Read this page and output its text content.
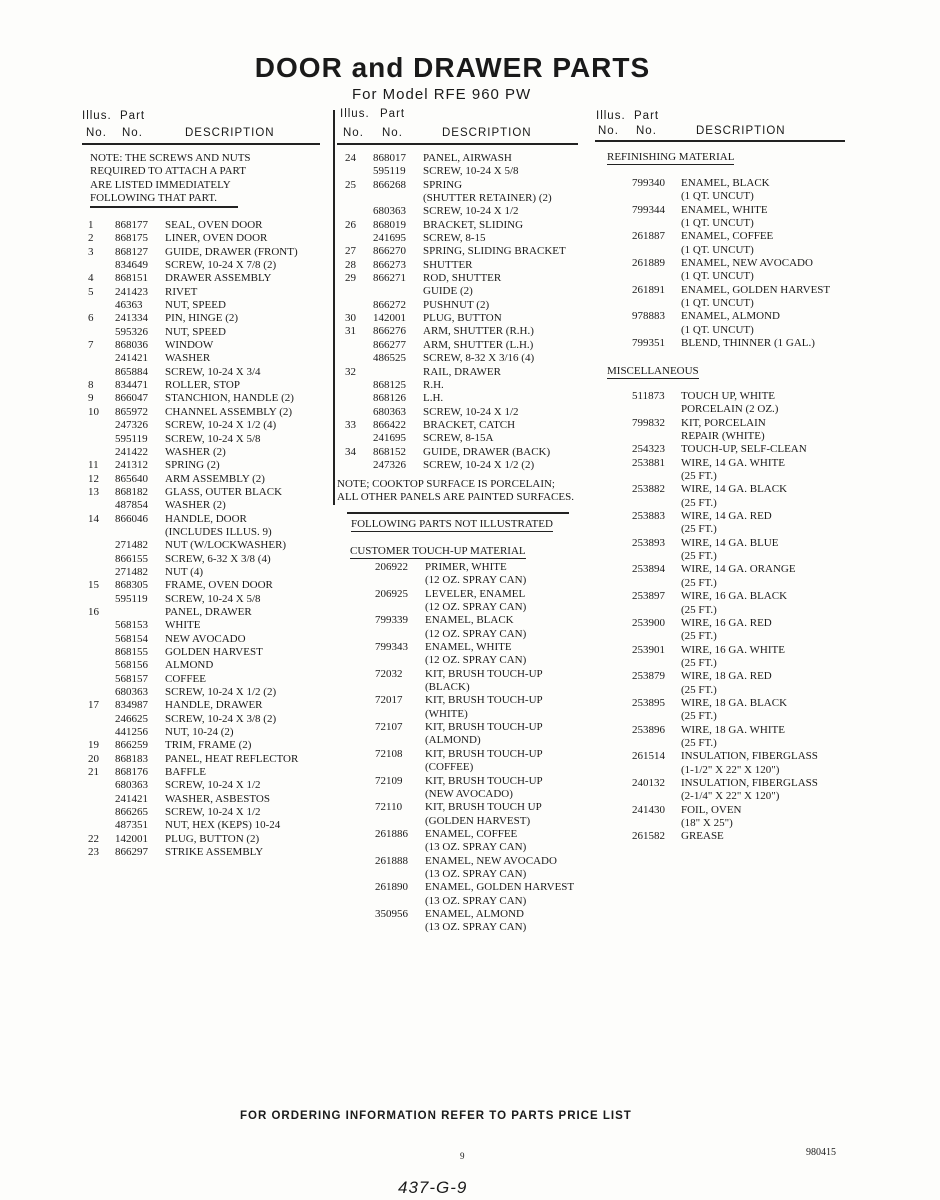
DOOR and DRAWER PARTS
For Model RFE 960 PW
Illus. Part
No. No.	DESCRIPTION
Illus. Part
No. No.	DESCRIPTION
Illus. Part
No. No.	DESCRIPTION
NOTE: THE SCREWS AND NUTS
REQUIRED TO ATTACH A PART
ARE LISTED IMMEDIATELY
FOLLOWING THAT PART.
1 868177 SEAL, OVEN DOOR
2 868175 LINER, OVEN DOOR
3 868127 GUIDE, DRAWER (FRONT)
834649 SCREW, 10-24 X 7/8 (2)
4 868151 DRAWER ASSEMBLY
5 241423 RIVET
46363 NUT, SPEED
6 241334 PIN, HINGE (2)
595326 NUT, SPEED
7 868036 WINDOW
241421 WASHER
865884 SCREW, 10-24 X 3/4
8 834471 ROLLER, STOP
9 866047 STANCHION, HANDLE (2)
10 865972 CHANNEL ASSEMBLY (2)
247326 SCREW, 10-24 X 1/2 (4)
595119 SCREW, 10-24 X 5/8
241422 WASHER (2)
11 241312 SPRING (2)
12 865640 ARM ASSEMBLY (2)
13 868182 GLASS, OUTER BLACK
487854 WASHER (2)
14 866046 HANDLE, DOOR
(INCLUDES ILLUS. 9)
271482 NUT (W/LOCKWASHER)
866155 SCREW, 6-32 X 3/8 (4)
271482 NUT (4)
15 868305 FRAME, OVEN DOOR
595119 SCREW, 10-24 X 5/8
16	PANEL, DRAWER
568153 WHITE
568154 NEW AVOCADO
868155 GOLDEN HARVEST
568156 ALMOND
568157 COFFEE
680363 SCREW, 10-24 X 1/2 (2)
17 834987 HANDLE, DRAWER
246625 SCREW, 10-24 X 3/8 (2)
441256 NUT, 10-24 (2)
19 866259 TRIM, FRAME (2)
20 868183 PANEL, HEAT REFLECTOR
21 868176 BAFFLE
680363 SCREW, 10-24 X 1/2
241421 WASHER, ASBESTOS
866265 SCREW, 10-24 X 1/2
487351 NUT, HEX (KEPS) 10-24
22 142001 PLUG, BUTTON (2)
23 866297 STRIKE ASSEMBLY
24 868017 PANEL, AIRWASH
595119 SCREW, 10-24 X 5/8
25 866268 SPRING
(SHUTTER RETAINER) (2)
680363 SCREW, 10-24 X 1/2
26 868019 BRACKET, SLIDING
241695 SCREW, 8-15
27 866270 SPRING, SLIDING BRACKET
28 866273 SHUTTER
29 866271 ROD, SHUTTER
GUIDE (2)
866272 PUSHNUT (2)
30 142001 PLUG, BUTTON
31 866276 ARM, SHUTTER (R.H.)
866277 ARM, SHUTTER (L.H.)
486525 SCREW, 8-32 X 3/16 (4)
32	RAIL, DRAWER
868125 R.H.
868126 L.H.
680363 SCREW, 10-24 X 1/2
33 866422 BRACKET, CATCH
241695 SCREW, 8-15A
34 868152 GUIDE, DRAWER (BACK)
247326 SCREW, 10-24 X 1/2 (2)
NOTE; COOKTOP SURFACE IS PORCELAIN;
ALL OTHER PANELS ARE PAINTED SURFACES.
FOLLOWING PARTS NOT ILLUSTRATED
CUSTOMER TOUCH-UP MATERIAL
206922 PRIMER, WHITE
(12 OZ. SPRAY CAN)
206925 LEVELER, ENAMEL
(12 OZ. SPRAY CAN)
799339 ENAMEL, BLACK
(12 OZ. SPRAY CAN)
799343 ENAMEL, WHITE
(12 OZ. SPRAY CAN)
72032 KIT, BRUSH TOUCH-UP
(BLACK)
72017 KIT, BRUSH TOUCH-UP
(WHITE)
72107 KIT, BRUSH TOUCH-UP
(ALMOND)
72108 KIT, BRUSH TOUCH-UP
(COFFEE)
72109 KIT, BRUSH TOUCH-UP
(NEW AVOCADO)
72110 KIT, BRUSH TOUCH UP
(GOLDEN HARVEST)
261886 ENAMEL, COFFEE
(13 OZ. SPRAY CAN)
261888 ENAMEL, NEW AVOCADO
(13 OZ. SPRAY CAN)
261890 ENAMEL, GOLDEN HARVEST
(13 OZ. SPRAY CAN)
350956 ENAMEL, ALMOND
(13 OZ. SPRAY CAN)
REFINISHING MATERIAL
799340 ENAMEL, BLACK
(1 QT. UNCUT)
799344 ENAMEL, WHITE
(1 QT. UNCUT)
261887 ENAMEL, COFFEE
(1 QT. UNCUT)
261889 ENAMEL, NEW AVOCADO
(1 QT. UNCUT)
261891 ENAMEL, GOLDEN HARVEST
(1 QT. UNCUT)
978883 ENAMEL, ALMOND
(1 QT. UNCUT)
799351 BLEND, THINNER (1 GAL.)
MISCELLANEOUS
511873 TOUCH UP, WHITE
PORCELAIN (2 OZ.)
799832 KIT, PORCELAIN
REPAIR (WHITE)
254323 TOUCH-UP, SELF-CLEAN
253881 WIRE, 14 GA. WHITE
(25 FT.)
253882 WIRE, 14 GA. BLACK
(25 FT.)
253883 WIRE, 14 GA. RED
(25 FT.)
253893 WIRE, 14 GA. BLUE
(25 FT.)
253894 WIRE, 14 GA. ORANGE
(25 FT.)
253897 WIRE, 16 GA. BLACK
(25 FT.)
253900 WIRE, 16 GA. RED
(25 FT.)
253901 WIRE, 16 GA. WHITE
(25 FT.)
253879 WIRE, 18 GA. RED
(25 FT.)
253895 WIRE, 18 GA. BLACK
(25 FT.)
253896 WIRE, 18 GA. WHITE
(25 FT.)
261514 INSULATION, FIBERGLASS
(1-1/2" X 22" X 120")
240132 INSULATION, FIBERGLASS
(2-1/4" X 22" X 120")
241430 FOIL, OVEN
(18" X 25")
261582 GREASE
FOR ORDERING INFORMATION REFER TO PARTS PRICE LIST
9	980415
437-G-9
